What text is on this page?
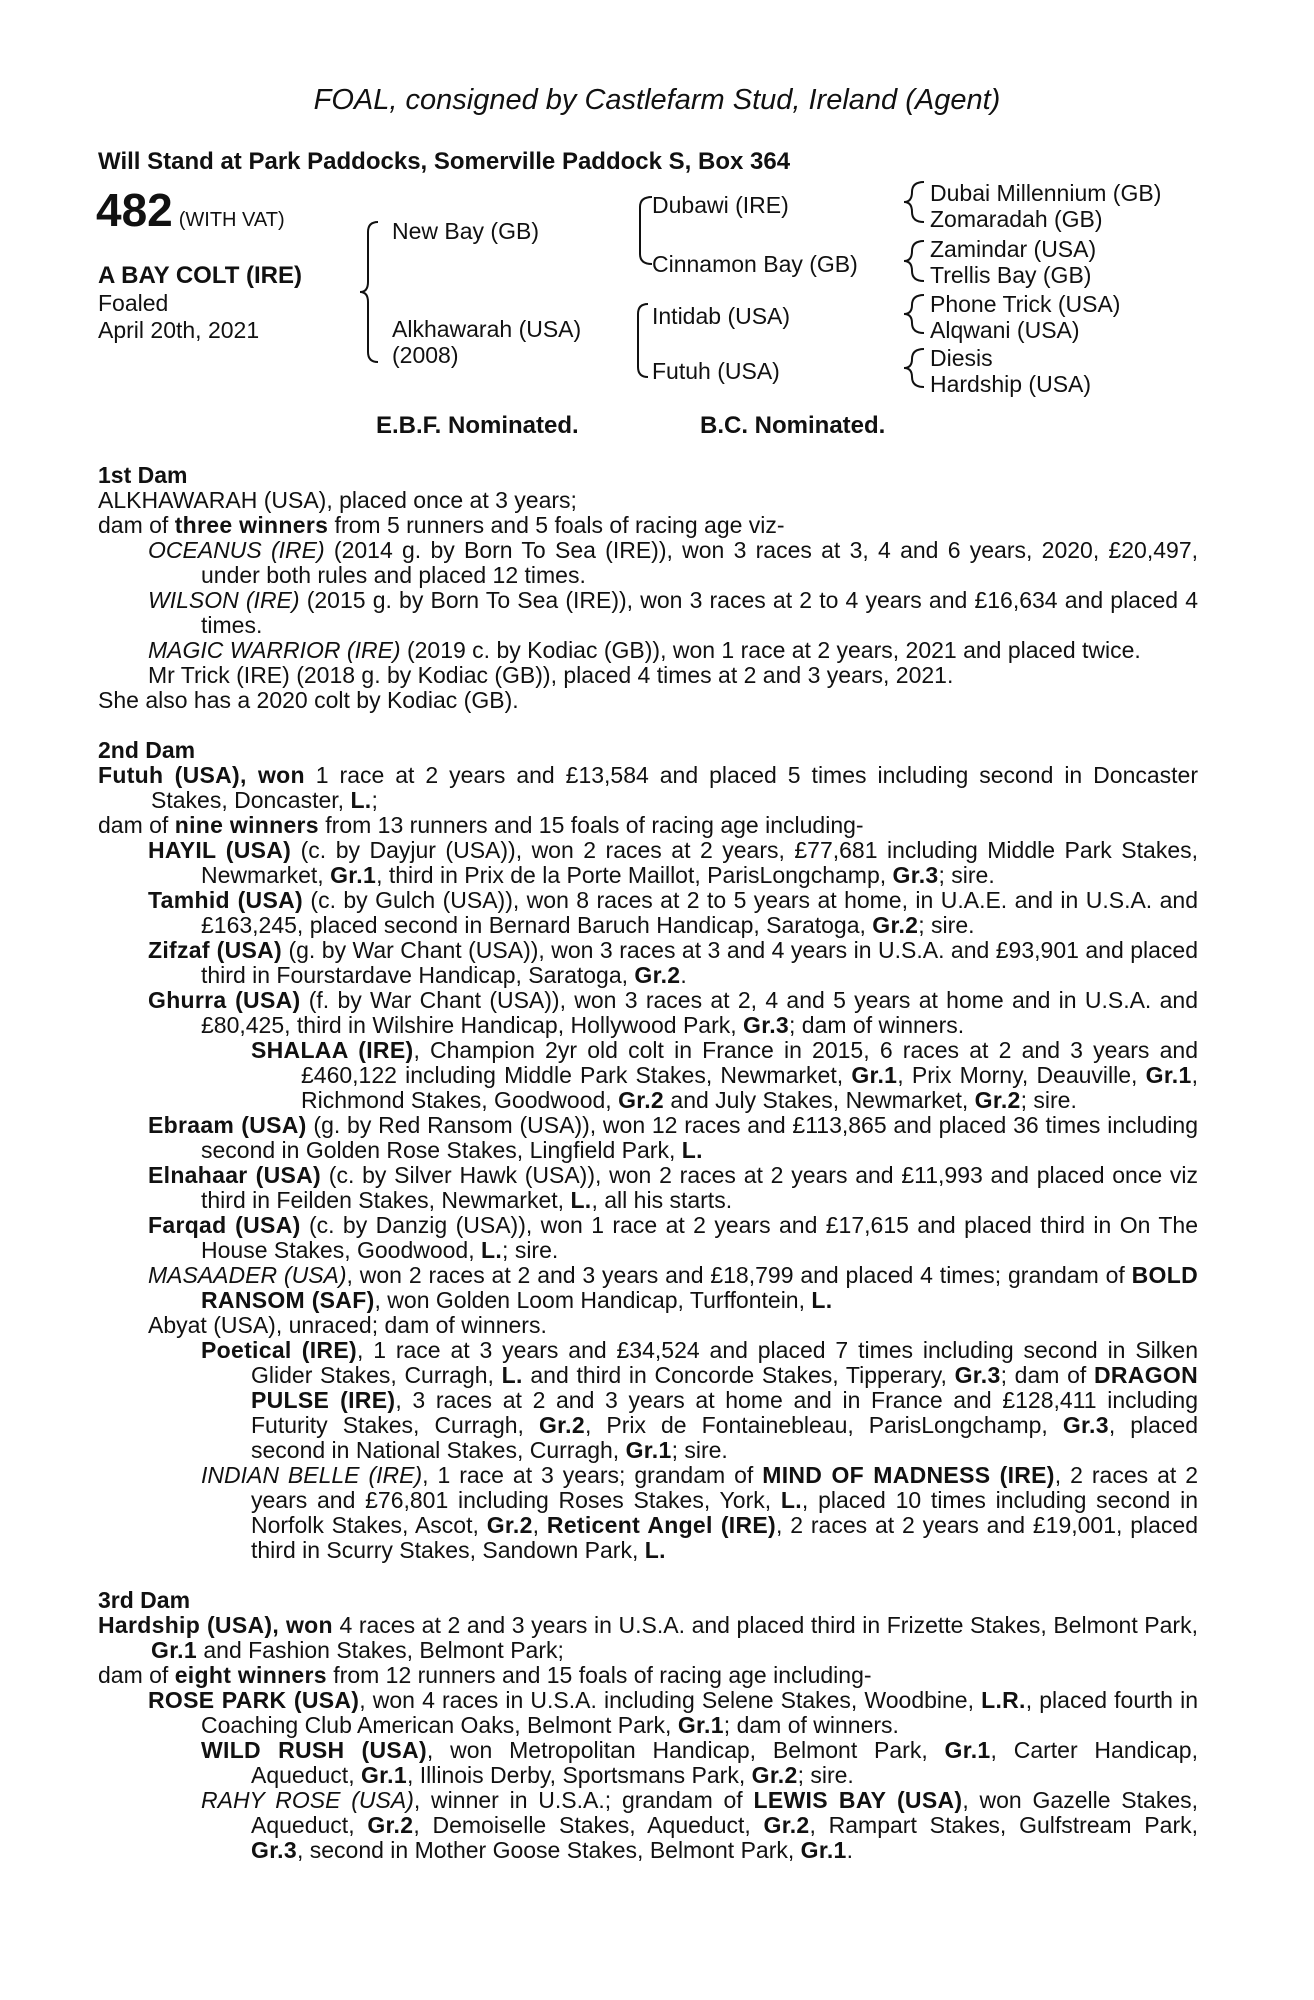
FOAL, consigned by Castlefarm Stud, Ireland (Agent)
Will Stand at Park Paddocks, Somerville Paddock S, Box 364
482 (WITH VAT)
A BAY COLT (IRE)
Foaled
April 20th, 2021
New Bay (GB)
Alkhawarah (USA)
(2008)
Dubawi (IRE)
Cinnamon Bay (GB)
Intidab (USA)
Futuh (USA)
Dubai Millennium (GB)
Zomaradah (GB)
Zamindar (USA)
Trellis Bay (GB)
Phone Trick (USA)
Alqwani (USA)
Diesis
Hardship (USA)
E.B.F. Nominated.	B.C. Nominated.
1st Dam
ALKHAWARAH (USA), placed once at 3 years;
dam of three winners from 5 runners and 5 foals of racing age viz-
OCEANUS (IRE) (2014 g. by Born To Sea (IRE)), won 3 races at 3, 4 and 6 years, 2020, £20,497, under both rules and placed 12 times.
WILSON (IRE) (2015 g. by Born To Sea (IRE)), won 3 races at 2 to 4 years and £16,634 and placed 4 times.
MAGIC WARRIOR (IRE) (2019 c. by Kodiac (GB)), won 1 race at 2 years, 2021 and placed twice.
Mr Trick (IRE) (2018 g. by Kodiac (GB)), placed 4 times at 2 and 3 years, 2021.
She also has a 2020 colt by Kodiac (GB).
2nd Dam
Futuh (USA), won 1 race at 2 years and £13,584 and placed 5 times including second in Doncaster Stakes, Doncaster, L.;
dam of nine winners from 13 runners and 15 foals of racing age including-
HAYIL (USA) (c. by Dayjur (USA)), won 2 races at 2 years, £77,681 including Middle Park Stakes, Newmarket, Gr.1, third in Prix de la Porte Maillot, ParisLongchamp, Gr.3; sire.
Tamhid (USA) (c. by Gulch (USA)), won 8 races at 2 to 5 years at home, in U.A.E. and in U.S.A. and £163,245, placed second in Bernard Baruch Handicap, Saratoga, Gr.2; sire.
Zifzaf (USA) (g. by War Chant (USA)), won 3 races at 3 and 4 years in U.S.A. and £93,901 and placed third in Fourstardave Handicap, Saratoga, Gr.2.
Ghurra (USA) (f. by War Chant (USA)), won 3 races at 2, 4 and 5 years at home and in U.S.A. and £80,425, third in Wilshire Handicap, Hollywood Park, Gr.3; dam of winners.
SHALAA (IRE), Champion 2yr old colt in France in 2015, 6 races at 2 and 3 years and £460,122 including Middle Park Stakes, Newmarket, Gr.1, Prix Morny, Deauville, Gr.1, Richmond Stakes, Goodwood, Gr.2 and July Stakes, Newmarket, Gr.2; sire.
Ebraam (USA) (g. by Red Ransom (USA)), won 12 races and £113,865 and placed 36 times including second in Golden Rose Stakes, Lingfield Park, L.
Elnahaar (USA) (c. by Silver Hawk (USA)), won 2 races at 2 years and £11,993 and placed once viz third in Feilden Stakes, Newmarket, L., all his starts.
Farqad (USA) (c. by Danzig (USA)), won 1 race at 2 years and £17,615 and placed third in On The House Stakes, Goodwood, L.; sire.
MASAADER (USA), won 2 races at 2 and 3 years and £18,799 and placed 4 times; grandam of BOLD RANSOM (SAF), won Golden Loom Handicap, Turffontein, L.
Abyat (USA), unraced; dam of winners.
Poetical (IRE), 1 race at 3 years and £34,524 and placed 7 times including second in Silken Glider Stakes, Curragh, L. and third in Concorde Stakes, Tipperary, Gr.3; dam of DRAGON PULSE (IRE), 3 races at 2 and 3 years at home and in France and £128,411 including Futurity Stakes, Curragh, Gr.2, Prix de Fontainebleau, ParisLongchamp, Gr.3, placed second in National Stakes, Curragh, Gr.1; sire.
INDIAN BELLE (IRE), 1 race at 3 years; grandam of MIND OF MADNESS (IRE), 2 races at 2 years and £76,801 including Roses Stakes, York, L., placed 10 times including second in Norfolk Stakes, Ascot, Gr.2, Reticent Angel (IRE), 2 races at 2 years and £19,001, placed third in Scurry Stakes, Sandown Park, L.
3rd Dam
Hardship (USA), won 4 races at 2 and 3 years in U.S.A. and placed third in Frizette Stakes, Belmont Park, Gr.1 and Fashion Stakes, Belmont Park;
dam of eight winners from 12 runners and 15 foals of racing age including-
ROSE PARK (USA), won 4 races in U.S.A. including Selene Stakes, Woodbine, L.R., placed fourth in Coaching Club American Oaks, Belmont Park, Gr.1; dam of winners.
WILD RUSH (USA), won Metropolitan Handicap, Belmont Park, Gr.1, Carter Handicap, Aqueduct, Gr.1, Illinois Derby, Sportsmans Park, Gr.2; sire.
RAHY ROSE (USA), winner in U.S.A.; grandam of LEWIS BAY (USA), won Gazelle Stakes, Aqueduct, Gr.2, Demoiselle Stakes, Aqueduct, Gr.2, Rampart Stakes, Gulfstream Park, Gr.3, second in Mother Goose Stakes, Belmont Park, Gr.1.
